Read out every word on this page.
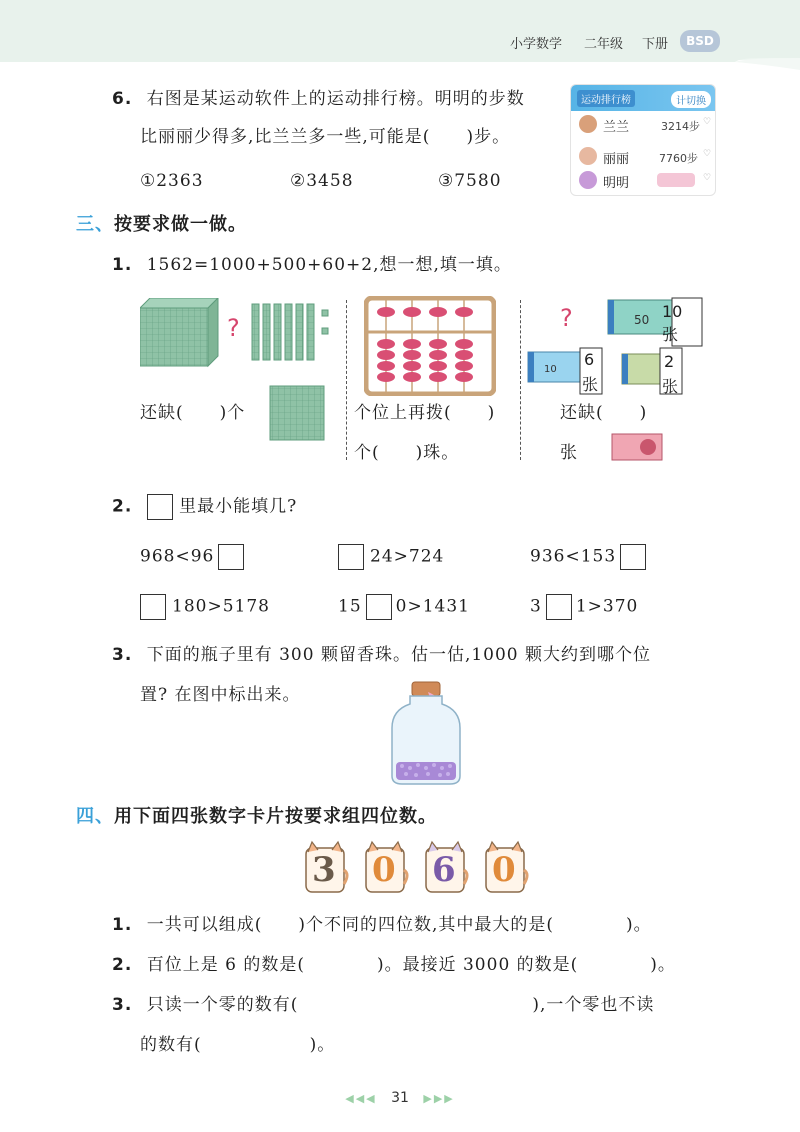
小学数学 二年级 下册	BSD
6. 右图是某运动软件上的运动排行榜。明明的步数
比丽丽少得多,比兰兰多一些,可能是(　　)步。
①2363	②3458	③7580
运动排行榜	计切换
兰兰	3214步 ♡
丽丽	7760步 ♡
明明	♡
三、按要求做一做。
1. 1562=1000+500+60+2,想一想,填一填。
?
还缺(　　)个	个位上再拨(　　)
个(　　)珠。
50
10
?	10
张
6
张
2
张
还缺(　　)
张
2.	里最小能填几?
968<96	24>724	936<153
180>5178	15 0>1431	3 1>370
3. 下面的瓶子里有 300 颗留香珠。估一估,1000 颗大约到哪个位
置? 在图中标出来。
四、用下面四张数字卡片按要求组四位数。
3 0 6 0
1. 一共可以组成(　　)个不同的四位数,其中最大的是(　　　　)。
2. 百位上是 6 的数是(　　　　)。最接近 3000 的数是(　　　　)。
3. 只读一个零的数有(　　　　　　　　　　　　　),一个零也不读
的数有(　　　　　　)。
◀◀◀ 31 ▶▶▶
